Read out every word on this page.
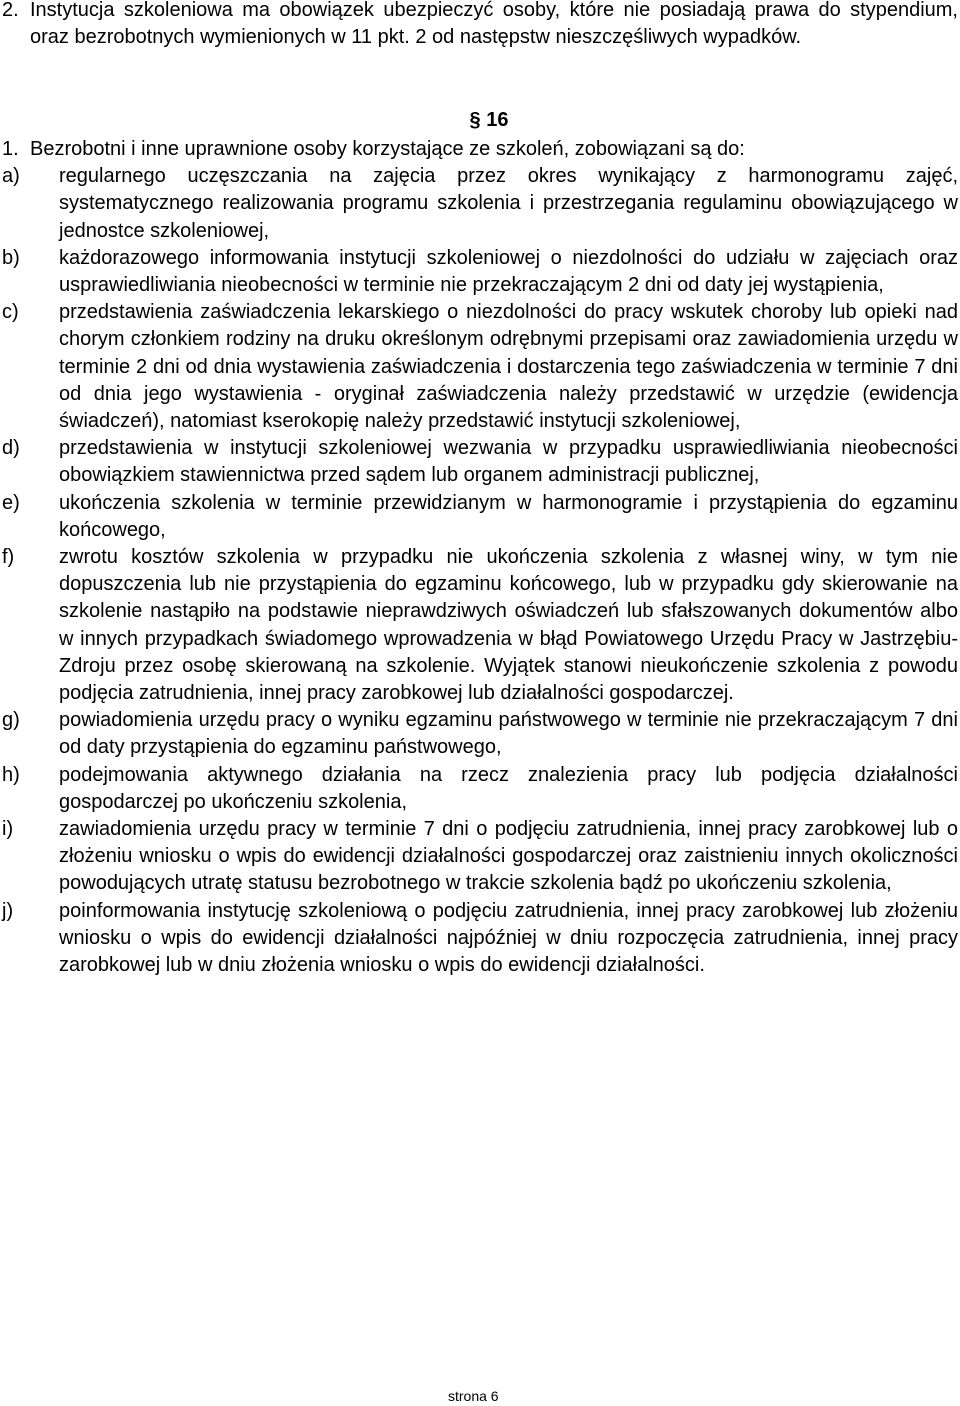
2. Instytucja szkoleniowa ma obowiązek ubezpieczyć osoby, które nie posiadają prawa do stypendium, oraz bezrobotnych wymienionych w 11 pkt. 2 od następstw nieszczęśliwych wypadków.
§ 16
1. Bezrobotni i inne uprawnione osoby korzystające ze szkoleń, zobowiązani są do:
a) regularnego uczęszczania na zajęcia przez okres wynikający z harmonogramu zajęć, systematycznego realizowania programu szkolenia i przestrzegania regulaminu obowiązującego w jednostce szkoleniowej,
b) każdorazowego informowania instytucji szkoleniowej o niezdolności do udziału w zajęciach oraz usprawiedliwiania nieobecności w terminie nie przekraczającym 2 dni od daty jej wystąpienia,
c) przedstawienia zaświadczenia lekarskiego o niezdolności do pracy wskutek choroby lub opieki nad chorym członkiem rodziny na druku określonym odrębnymi przepisami oraz zawiadomienia urzędu w terminie 2 dni od dnia wystawienia zaświadczenia i dostarczenia tego zaświadczenia w terminie 7 dni od dnia jego wystawienia - oryginał zaświadczenia należy przedstawić w urzędzie (ewidencja świadczeń), natomiast kserokopię należy przedstawić instytucji szkoleniowej,
d) przedstawienia w instytucji szkoleniowej wezwania w przypadku usprawiedliwiania nieobecności obowiązkiem stawiennictwa przed sądem lub organem administracji publicznej,
e) ukończenia szkolenia w terminie przewidzianym w harmonogramie i przystąpienia do egzaminu końcowego,
f) zwrotu kosztów szkolenia w przypadku nie ukończenia szkolenia z własnej winy, w tym nie dopuszczenia lub nie przystąpienia do egzaminu końcowego, lub w przypadku gdy skierowanie na szkolenie nastąpiło na podstawie nieprawdziwych oświadczeń lub sfałszowanych dokumentów albo w innych przypadkach świadomego wprowadzenia w błąd Powiatowego Urzędu Pracy w Jastrzębiu-Zdroju przez osobę skierowaną na szkolenie. Wyjątek stanowi nieukończenie szkolenia z powodu podjęcia zatrudnienia, innej pracy zarobkowej lub działalności gospodarczej.
g) powiadomienia urzędu pracy o wyniku egzaminu państwowego w terminie nie przekraczającym 7 dni od daty przystąpienia do egzaminu państwowego,
h) podejmowania aktywnego działania na rzecz znalezienia pracy lub podjęcia działalności gospodarczej po ukończeniu szkolenia,
i) zawiadomienia urzędu pracy w terminie 7 dni o podjęciu zatrudnienia, innej pracy zarobkowej lub o złożeniu wniosku o wpis do ewidencji działalności gospodarczej oraz zaistnieniu innych okoliczności powodujących utratę statusu bezrobotnego w trakcie szkolenia bądź po ukończeniu szkolenia,
j) poinformowania instytucję szkoleniową o podjęciu zatrudnienia, innej pracy zarobkowej lub złożeniu wniosku o wpis do ewidencji działalności najpóźniej w dniu rozpoczęcia zatrudnienia, innej pracy zarobkowej lub w dniu złożenia wniosku o wpis do ewidencji działalności.
strona 6
